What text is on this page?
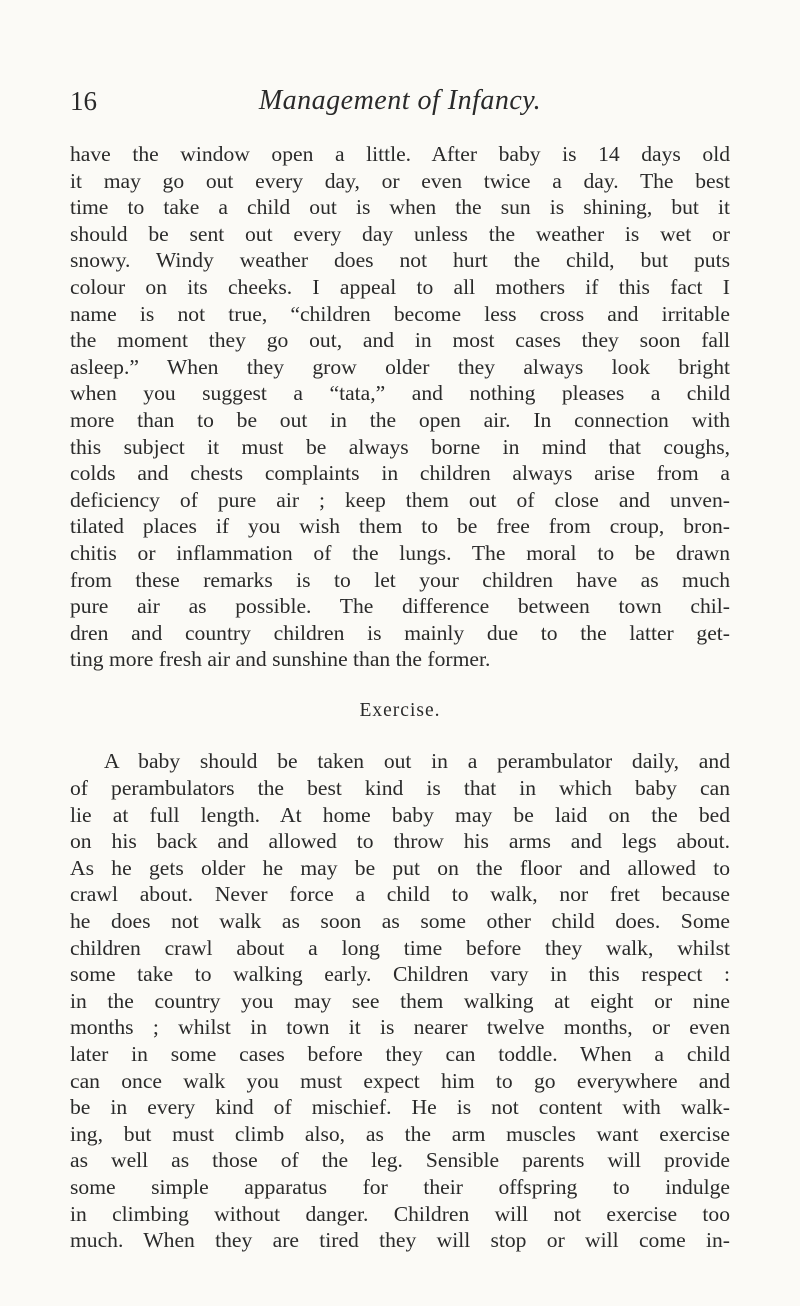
16	Management of Infancy.
have the window open a little. After baby is 14 days old
it may go out every day, or even twice a day. The best
time to take a child out is when the sun is shining, but it
should be sent out every day unless the weather is wet or
snowy. Windy weather does not hurt the child, but puts
colour on its cheeks. I appeal to all mothers if this fact I
name is not true, “children become less cross and irritable
the moment they go out, and in most cases they soon fall
asleep.” When they grow older they always look bright
when you suggest a “tata,” and nothing pleases a child
more than to be out in the open air. In connection with
this subject it must be always borne in mind that coughs,
colds and chests complaints in children always arise from a
deficiency of pure air ; keep them out of close and unven-
tilated places if you wish them to be free from croup, bron-
chitis or inflammation of the lungs. The moral to be drawn
from these remarks is to let your children have as much
pure air as possible. The difference between town chil-
dren and country children is mainly due to the latter get-
ting more fresh air and sunshine than the former.
Exercise.
A baby should be taken out in a perambulator daily, and
of perambulators the best kind is that in which baby can
lie at full length. At home baby may be laid on the bed
on his back and allowed to throw his arms and legs about.
As he gets older he may be put on the floor and allowed to
crawl about. Never force a child to walk, nor fret because
he does not walk as soon as some other child does. Some
children crawl about a long time before they walk, whilst
some take to walking early. Children vary in this respect :
in the country you may see them walking at eight or nine
months ; whilst in town it is nearer twelve months, or even
later in some cases before they can toddle. When a child
can once walk you must expect him to go everywhere and
be in every kind of mischief. He is not content with walk-
ing, but must climb also, as the arm muscles want exercise
as well as those of the leg. Sensible parents will provide
some simple apparatus for their offspring to indulge
in climbing without danger. Children will not exercise too
much. When they are tired they will stop or will come in-
